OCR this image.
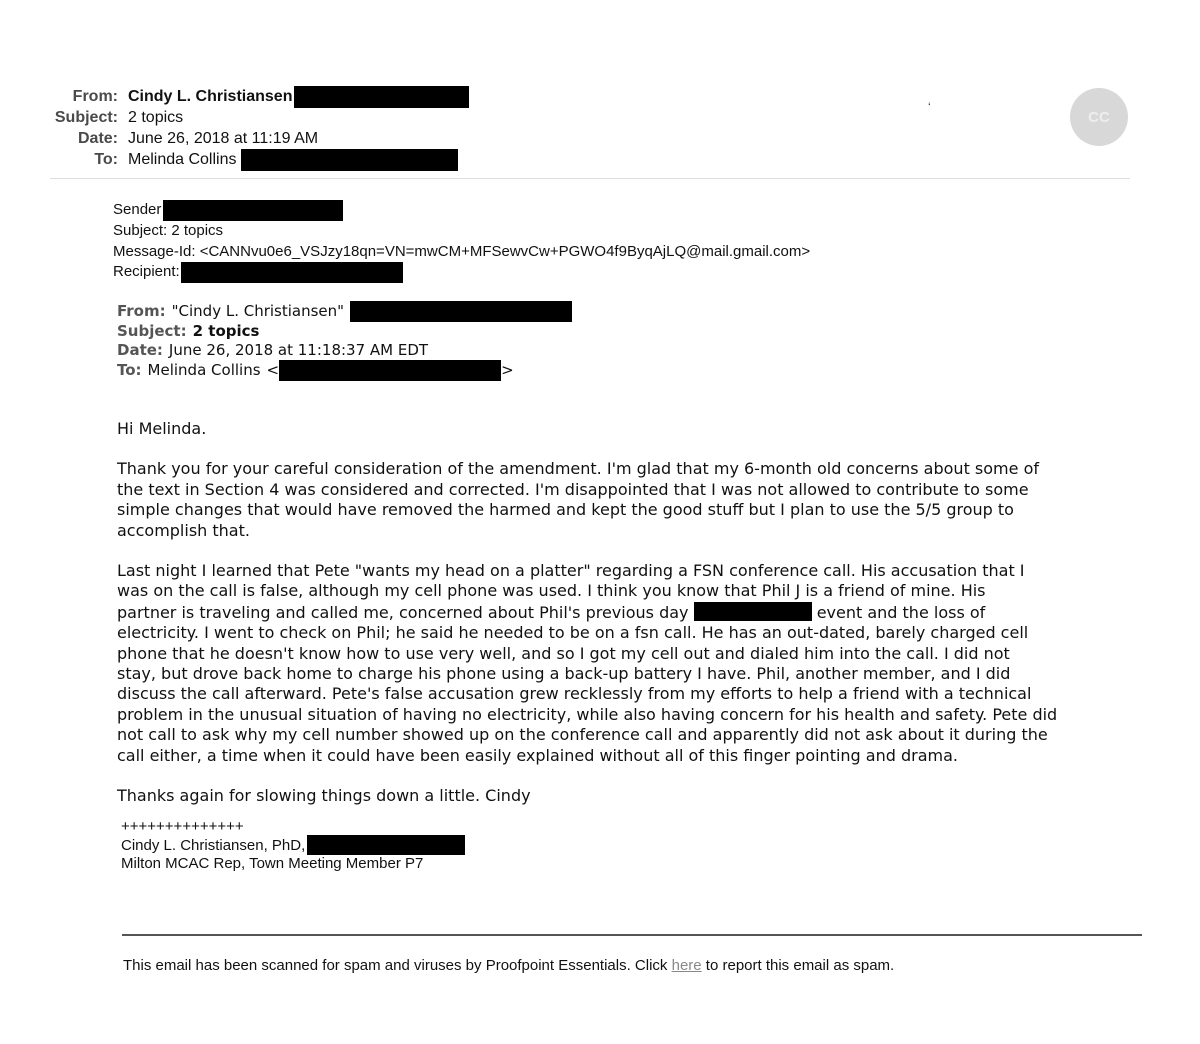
From: Cindy L. Christiansen
Subject: 2 topics
Date: June 26, 2018 at 11:19 AM
To: Melinda Collins
‘
CC
Sender
Subject: 2 topics
Message-Id: <CANNvu0e6_VSJzy18qn=VN=mwCM+MFSewvCw+PGWO4f9ByqAjLQ@mail.gmail.com>
Recipient:
From: "Cindy L. Christiansen"
Subject: 2 topics
Date: June 26, 2018 at 11:18:37 AM EDT
To: Melinda Collins <	>

Hi Melinda.

Thank you for your careful consideration of the amendment. I'm glad that my 6-month old concerns about some of

the text in Section 4 was considered and corrected. I'm disappointed that I was not allowed to contribute to some

simple changes that would have removed the harmed and kept the good stuff but I plan to use the 5/5 group to

accomplish that.

Last night I learned that Pete "wants my head on a platter" regarding a FSN conference call. His accusation that I

was on the call is false, although my cell phone was used. I think you know that Phil J is a friend of mine. His

partner is traveling and called me, concerned about Phil's previous day	event and the loss of

electricity. I went to check on Phil; he said he needed to be on a fsn call. He has an out-dated, barely charged cell

phone that he doesn't know how to use very well, and so I got my cell out and dialed him into the call. I did not

stay, but drove back home to charge his phone using a back-up battery I have. Phil, another member, and I did

discuss the call afterward. Pete's false accusation grew recklessly from my efforts to help a friend with a technical

problem in the unusual situation of having no electricity, while also having concern for his health and safety. Pete did

not call to ask why my cell number showed up on the conference call and apparently did not ask about it during the

call either, a time when it could have been easily explained without all of this finger pointing and drama.

Thanks again for slowing things down a little. Cindy

++++++++++++++
Cindy L. Christiansen, PhD,
Milton MCAC Rep, Town Meeting Member P7
This email has been scanned for spam and viruses by Proofpoint Essentials. Click here to report this email as spam.
